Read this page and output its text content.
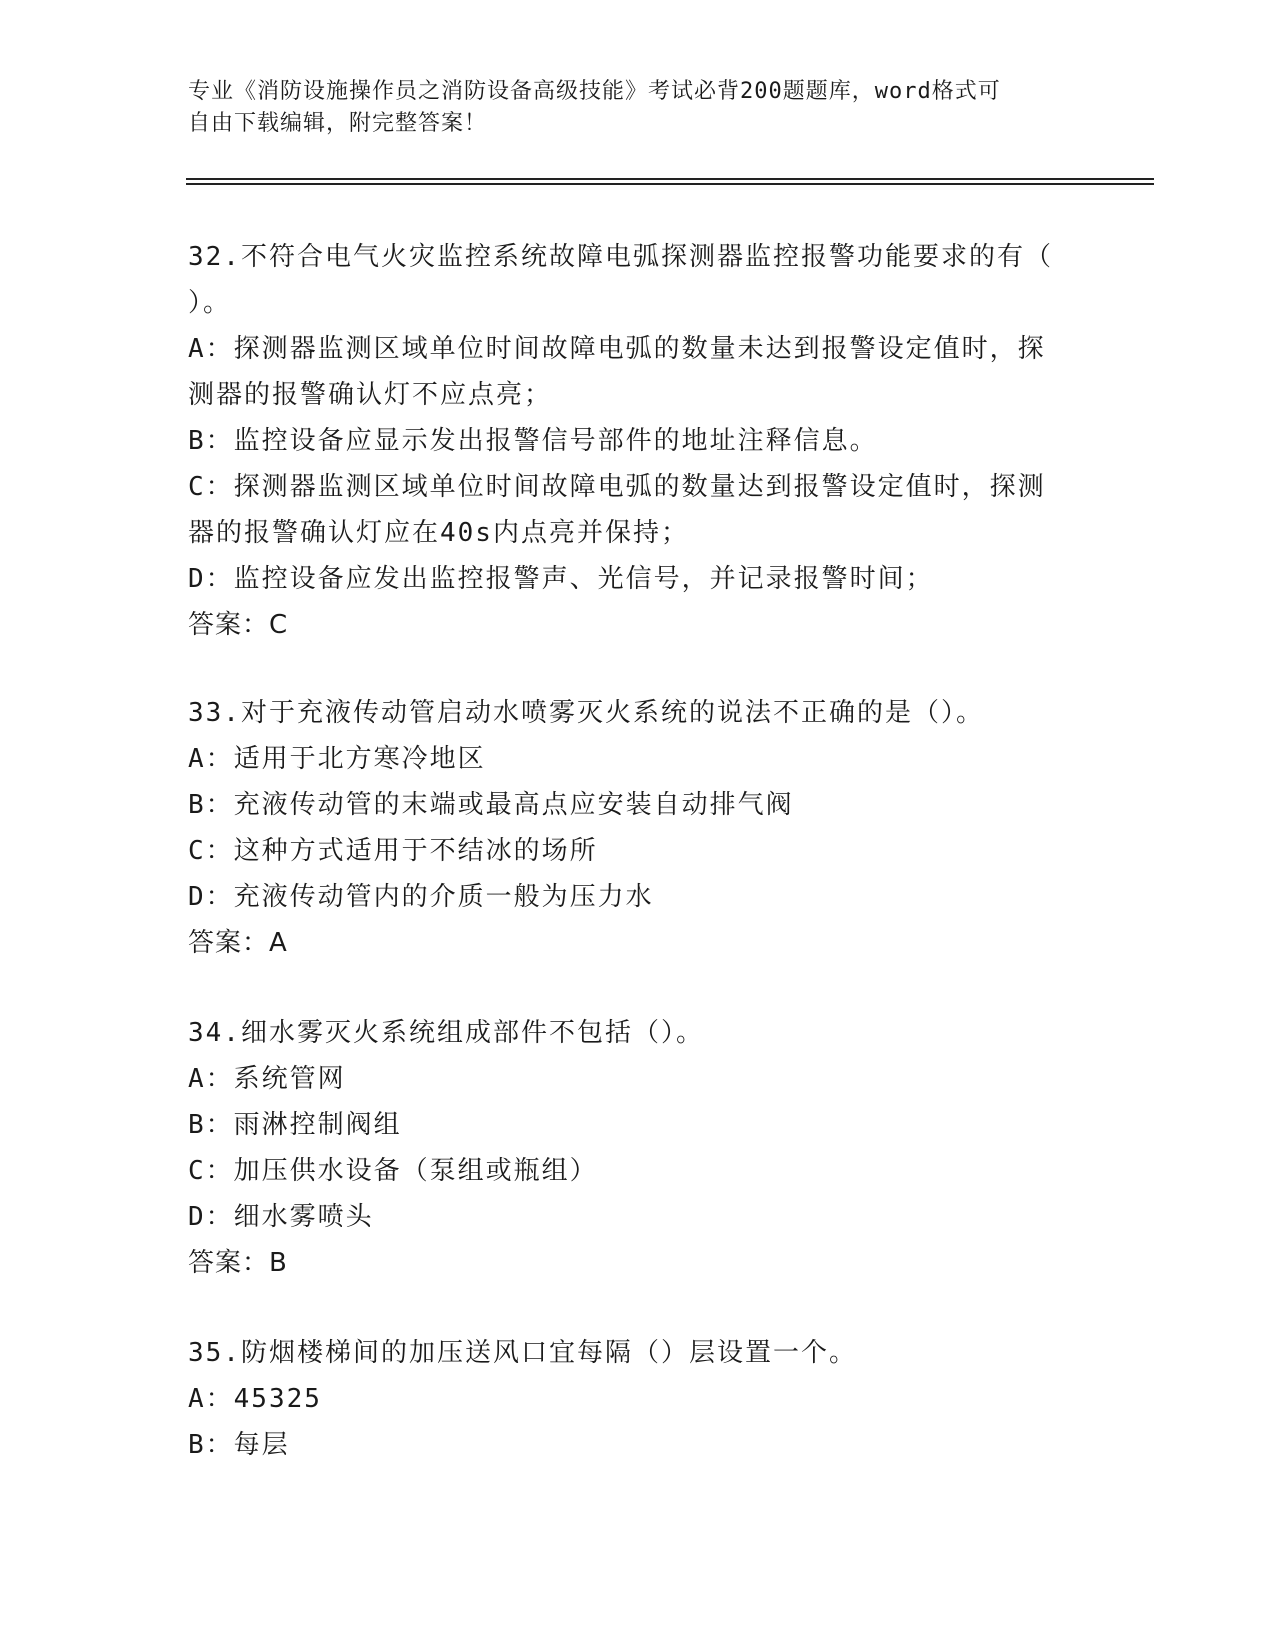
专业《消防设施操作员之消防设备高级技能》考试必背200题题库，word格式可

自由下载编辑，附完整答案！

32.不符合电气火灾监控系统故障电弧探测器监控报警功能要求的有（

）。

A：探测器监测区域单位时间故障电弧的数量未达到报警设定值时，探

测器的报警确认灯不应点亮；

B：监控设备应显示发出报警信号部件的地址注释信息。

C：探测器监测区域单位时间故障电弧的数量达到报警设定值时，探测

器的报警确认灯应在40s内点亮并保持；

D：监控设备应发出监控报警声、光信号，并记录报警时间；

答案：C

33.对于充液传动管启动水喷雾灭火系统的说法不正确的是（）。

A：适用于北方寒冷地区

B：充液传动管的末端或最高点应安装自动排气阀

C：这种方式适用于不结冰的场所

D：充液传动管内的介质一般为压力水

答案：A

34.细水雾灭火系统组成部件不包括（）。

A：系统管网

B：雨淋控制阀组

C：加压供水设备（泵组或瓶组）

D：细水雾喷头

答案：B

35.防烟楼梯间的加压送风口宜每隔（）层设置一个。

A：45325

B：每层
